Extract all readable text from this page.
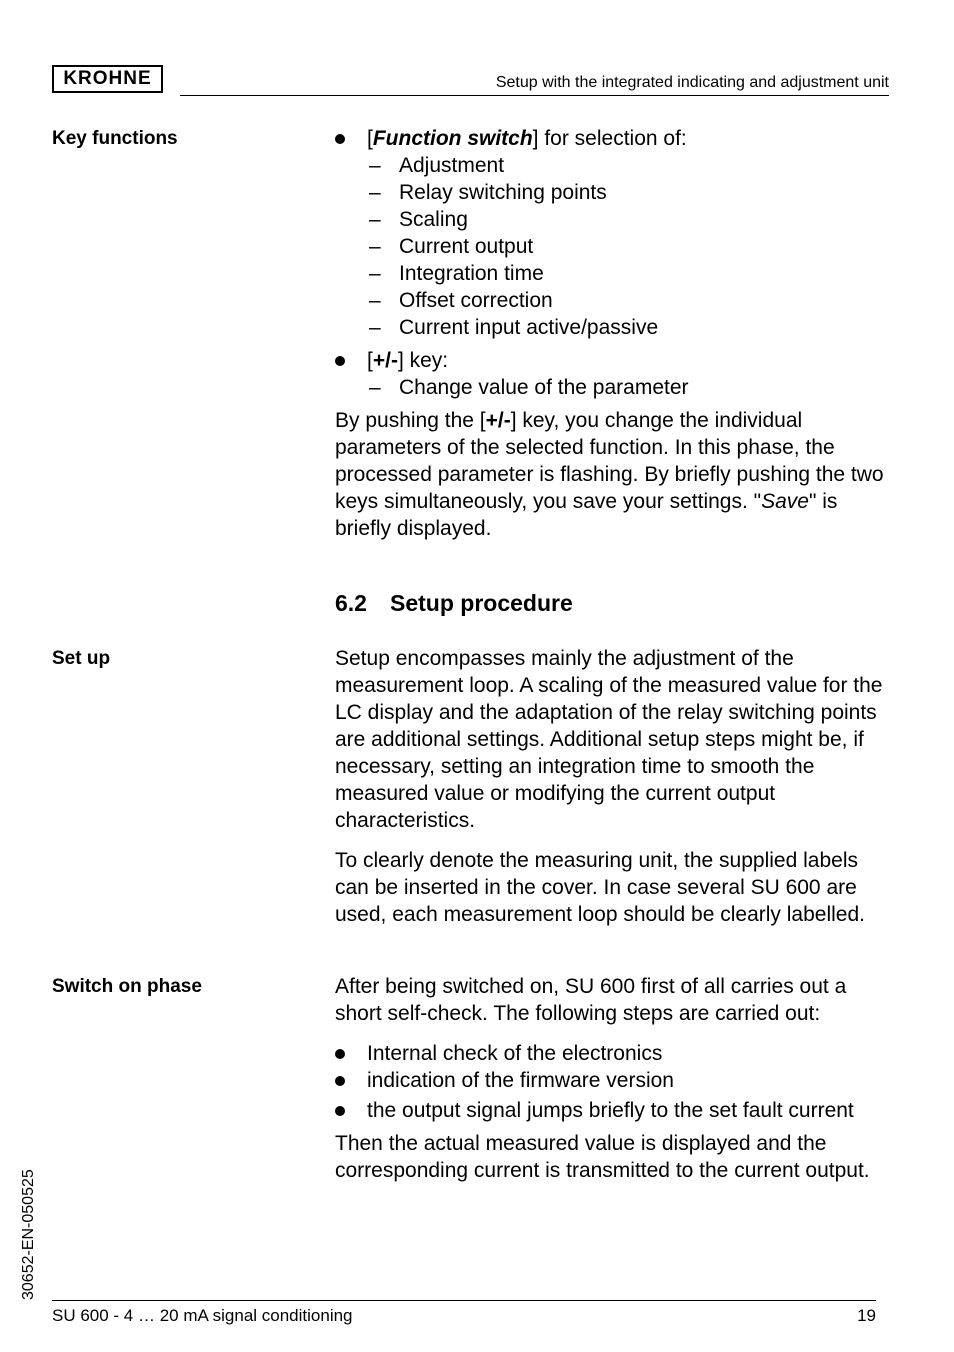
KROHNE	Setup with the integrated indicating and adjustment unit
Key functions	[Function switch] for selection of:
– Adjustment
– Relay switching points
– Scaling
– Current output
– Integration time
– Offset correction
– Current input active/passive
[+/-] key:
– Change value of the parameter

By pushing the [+/-] key, you change the individual parameters of the selected function. In this phase, the processed parameter is flashing. By briefly pushing the two keys simultaneously, you save your settings. "Save" is briefly displayed.

6.2 Setup procedure
Set up	Setup encompasses mainly the adjustment of the measurement loop. A scaling of the measured value for the LC display and the adaptation of the relay switching points are additional settings. Additional setup steps might be, if necessary, setting an integration time to smooth the measured value or modifying the current output characteristics.

To clearly denote the measuring unit, the supplied labels can be inserted in the cover. In case several SU 600 are used, each measurement loop should be clearly labelled.

Switch on phase	After being switched on, SU 600 first of all carries out a short self-check. The following steps are carried out:

Internal check of the electronics
indication of the firmware version
the output signal jumps briefly to the set fault current

Then the actual measured value is displayed and the corresponding current is transmitted to the current output.

30652-EN-050525
SU 600 - 4 … 20 mA signal conditioning	19
